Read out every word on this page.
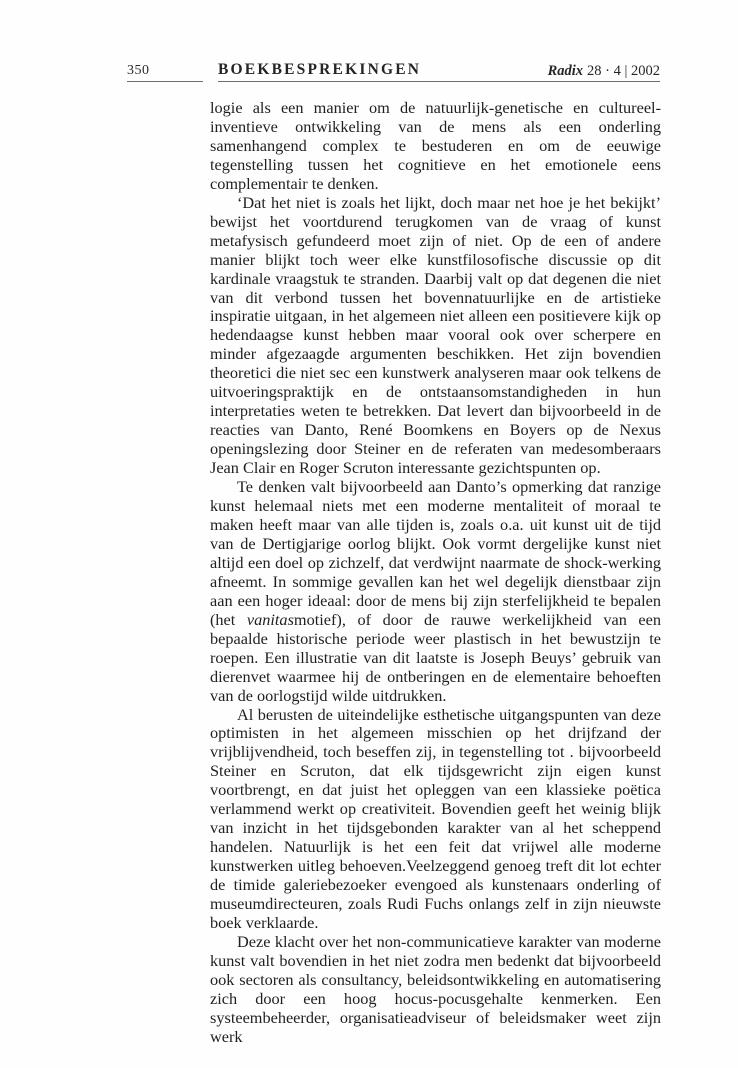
350	BOEKBESPREKINGEN	Radix 28 · 4 | 2002

logie als een manier om de natuurlijk-genetische en cultureel-inventieve ontwikkeling van de mens als een onderling samenhangend complex te bestuderen en om de eeuwige tegenstelling tussen het cognitieve en het emotionele eens complementair te denken.

‘Dat het niet is zoals het lijkt, doch maar net hoe je het bekijkt’ bewijst het voortdurend terugkomen van de vraag of kunst metafysisch gefundeerd moet zijn of niet. Op de een of andere manier blijkt toch weer elke kunstfilosofische discussie op dit kardinale vraagstuk te stranden. Daarbij valt op dat degenen die niet van dit verbond tussen het bovennatuurlijke en de artistieke inspiratie uitgaan, in het algemeen niet alleen een positievere kijk op hedendaagse kunst hebben maar vooral ook over scherpere en minder afgezaagde argumenten beschikken. Het zijn bovendien theoretici die niet sec een kunstwerk analyseren maar ook telkens de uitvoeringspraktijk en de ontstaansomstandigheden in hun interpretaties weten te betrekken. Dat levert dan bijvoorbeeld in de reacties van Danto, René Boomkens en Boyers op de Nexus openingslezing door Steiner en de referaten van medesomberaars Jean Clair en Roger Scruton interessante gezichtspunten op.

Te denken valt bijvoorbeeld aan Danto’s opmerking dat ranzige kunst helemaal niets met een moderne mentaliteit of moraal te maken heeft maar van alle tijden is, zoals o.a. uit kunst uit de tijd van de Dertigjarige oorlog blijkt. Ook vormt dergelijke kunst niet altijd een doel op zichzelf, dat verdwijnt naarmate de shock-werking afneemt. In sommige gevallen kan het wel degelijk dienstbaar zijn aan een hoger ideaal: door de mens bij zijn sterfelijkheid te bepalen (het vanitasmotief), of door de rauwe werkelijkheid van een bepaalde historische periode weer plastisch in het bewustzijn te roepen. Een illustratie van dit laatste is Joseph Beuys’ gebruik van dierenvet waarmee hij de ontberingen en de elementaire behoeften van de oorlogstijd wilde uitdrukken.

Al berusten de uiteindelijke esthetische uitgangspunten van deze optimisten in het algemeen misschien op het drijfzand der vrijblijvendheid, toch beseffen zij, in tegenstelling tot . bijvoorbeeld Steiner en Scruton, dat elk tijdsgewricht zijn eigen kunst voortbrengt, en dat juist het opleggen van een klassieke poëtica verlammend werkt op creativiteit. Bovendien geeft het weinig blijk van inzicht in het tijdsgebonden karakter van al het scheppend handelen. Natuurlijk is het een feit dat vrijwel alle moderne kunstwerken uitleg behoeven.Veelzeggend genoeg treft dit lot echter de timide galeriebezoeker evengoed als kunstenaars onderling of museumdirecteuren, zoals Rudi Fuchs onlangs zelf in zijn nieuwste boek verklaarde.

Deze klacht over het non-communicatieve karakter van moderne kunst valt bovendien in het niet zodra men bedenkt dat bijvoorbeeld ook sectoren als consultancy, beleidsontwikkeling en automatisering zich door een hoog hocus-pocusgehalte kenmerken. Een systeembeheerder, organisatieadviseur of beleidsmaker weet zijn werk
